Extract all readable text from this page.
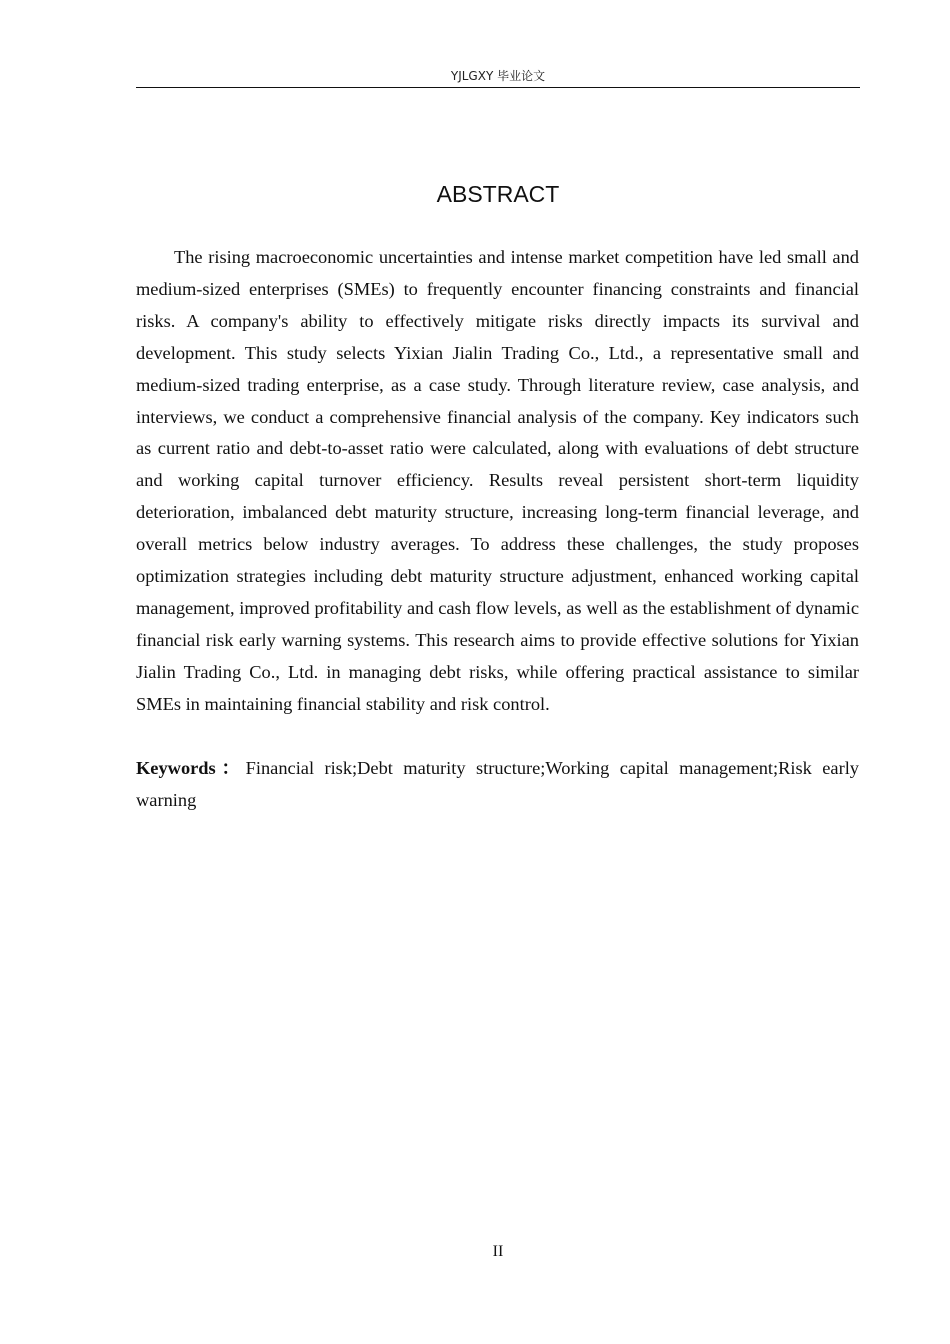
YJLGXY 毕业论文
ABSTRACT

The rising macroeconomic uncertainties and intense market competition have led small and medium-sized enterprises (SMEs) to frequently encounter financing constraints and financial risks. A company's ability to effectively mitigate risks directly impacts its survival and development. This study selects Yixian Jialin Trading Co., Ltd., a representative small and medium-sized trading enterprise, as a case study. Through literature review, case analysis, and interviews, we conduct a comprehensive financial analysis of the company. Key indicators such as current ratio and debt-to-asset ratio were calculated, along with evaluations of debt structure and working capital turnover efficiency. Results reveal persistent short-term liquidity deterioration, imbalanced debt maturity structure, increasing long-term financial leverage, and overall metrics below industry averages. To address these challenges, the study proposes optimization strategies including debt maturity structure adjustment, enhanced working capital management, improved profitability and cash flow levels, as well as the establishment of dynamic financial risk early warning systems. This research aims to provide effective solutions for Yixian Jialin Trading Co., Ltd. in managing debt risks, while offering practical assistance to similar SMEs in maintaining financial stability and risk control.

Keywords：Financial risk;Debt maturity structure;Working capital management;Risk early warning

II
